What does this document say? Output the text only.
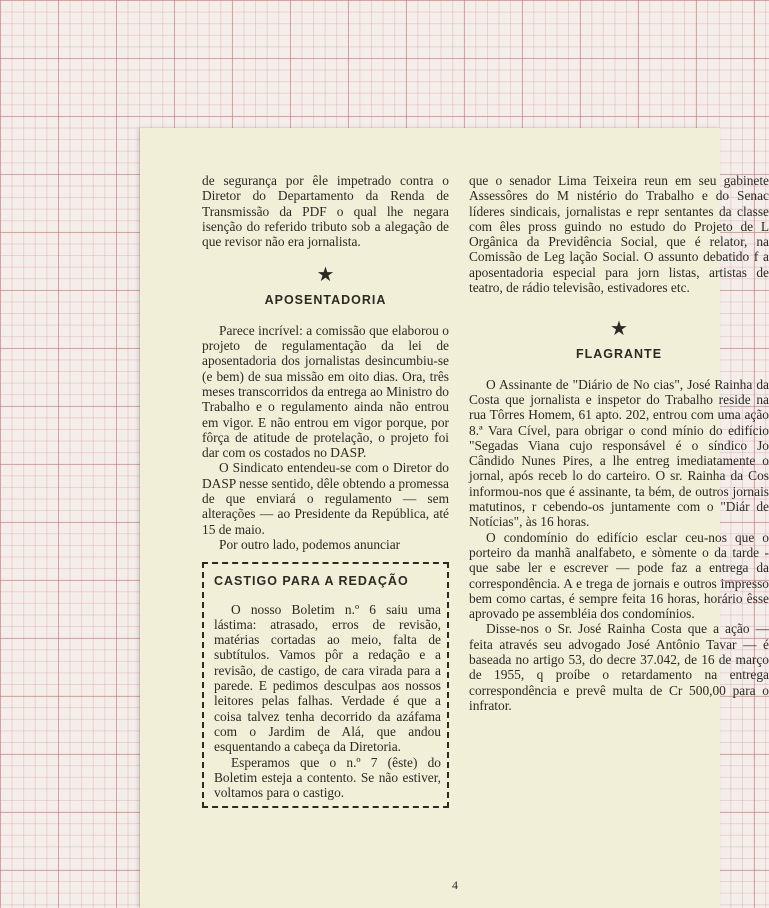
de segurança por êle impetrado contra o Diretor do Departamento da Renda de Transmissão da PDF o qual lhe negara isenção do referido tributo sob a alegação de que revisor não era jornalista.

★
APOSENTADORIA

Parece incrível: a comissão que elaborou o projeto de regulamentação da lei de aposentadoria dos jornalistas desincumbiu-se (e bem) de sua missão em oito dias. Ora, três meses transcorridos da entrega ao Ministro do Trabalho e o regulamento ainda não entrou em vigor. E não entrou em vigor porque, por fôrça de atitude de protelação, o projeto foi dar com os costados no DASP.

O Sindicato entendeu-se com o Diretor do DASP nesse sentido, dêle obtendo a promessa de que enviará o regulamento — sem alterações — ao Presidente da República, até 15 de maio.

Por outro lado, podemos anunciar

CASTIGO PARA A REDAÇÃO

O nosso Boletim n.º 6 saiu uma lástima: atrasado, erros de revisão, matérias cortadas ao meio, falta de subtítulos. Vamos pôr a redação e a revisão, de castigo, de cara virada para a parede. E pedimos desculpas aos nossos leitores pelas falhas. Verdade é que a coisa talvez tenha decorrido da azáfama com o Jardim de Alá, que andou esquentando a cabeça da Diretoria.

Esperamos que o n.º 7 (êste) do Boletim esteja a contento. Se não estiver, voltamos para o castigo.

que o senador Lima Teixeira reun em seu gabinete Assessôres do M nistério do Trabalho e do Senac líderes sindicais, jornalistas e repr sentantes da classe com êles pross guindo no estudo do Projeto de L Orgânica da Previdência Social, que é relator, na Comissão de Leg lação Social. O assunto debatido f a aposentadoria especial para jorn listas, artistas de teatro, de rádio televisão, estivadores etc.

★
FLAGRANTE

O Assinante de "Diário de No cias", José Rainha da Costa que jornalista e inspetor do Trabalho reside na rua Tôrres Homem, 61 apto. 202, entrou com uma ação 8.ª Vara Cível, para obrigar o cond mínio do edifício "Segadas Viana cujo responsável é o síndico Jo Cândido Nunes Pires, a lhe entreg imediatamente o jornal, após receb lo do carteiro. O sr. Rainha da Cos informou-nos que é assinante, ta bém, de outros jornais matutinos, r cebendo-os juntamente com o "Diár de Notícias", às 16 horas.

O condomínio do edifício esclar ceu-nos que o porteiro da manhã analfabeto, e sòmente o da tarde - que sabe ler e escrever — pode faz a entrega da correspondência. A e trega de jornais e outros impresso bem como cartas, é sempre feita 16 horas, horário êsse aprovado pe assembléia dos condomínios.

Disse-nos o Sr. José Rainha Costa que a ação — feita através seu advogado José Antônio Tavar — é baseada no artigo 53, do decre 37.042, de 16 de março de 1955, q proíbe o retardamento na entrega correspondência e prevê multa de Cr 500,00 para o infrator.

4
